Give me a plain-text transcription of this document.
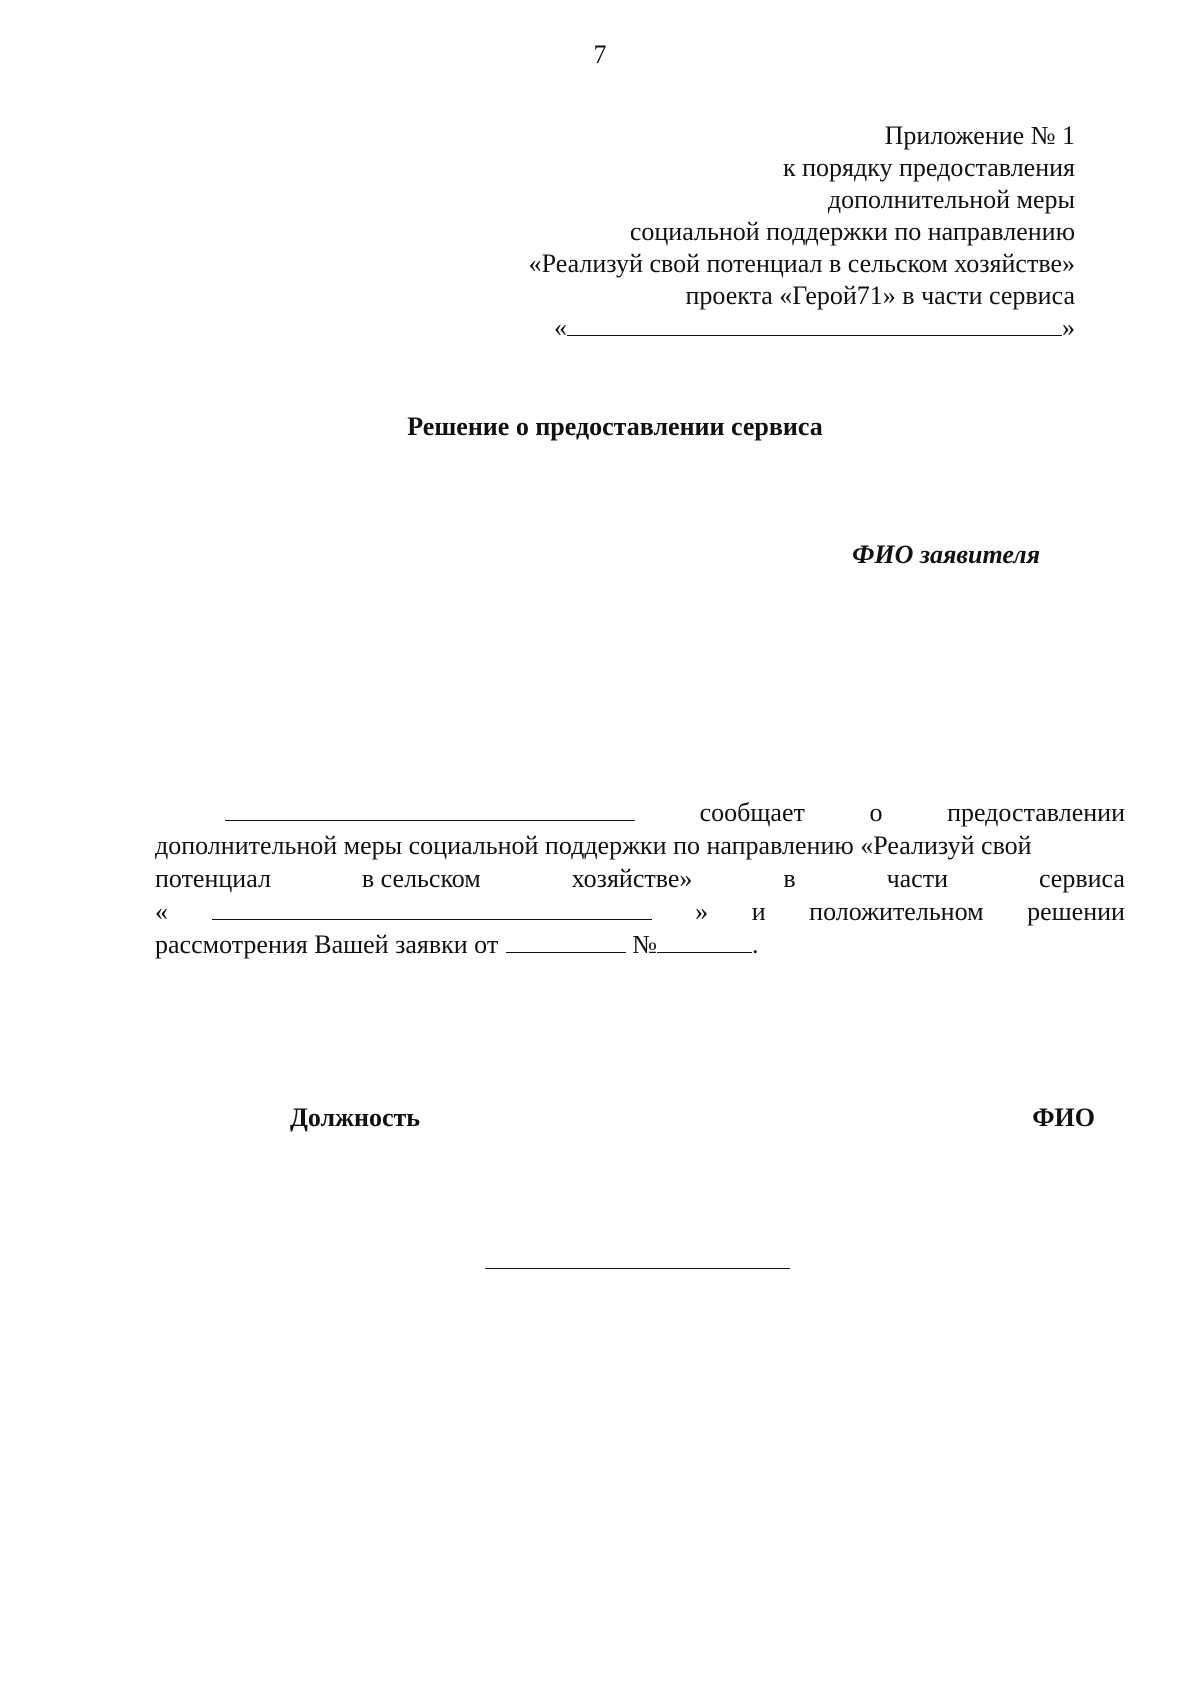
7
Приложение № 1
к порядку предоставления
дополнительной меры
социальной поддержки по направлению
«Реализуй свой потенциал в сельском хозяйстве»
проекта «Герой71» в части сервиса
«	»
Решение о предоставлении сервиса
ФИО заявителя
сообщает о предоставлении
дополнительной меры социальной поддержки по направлению «Реализуй свой
потенциал	в сельском	хозяйстве»	в	части	сервиса
«	» и положительном решении
рассмотрения Вашей заявки от	№	.
Должность	ФИО
